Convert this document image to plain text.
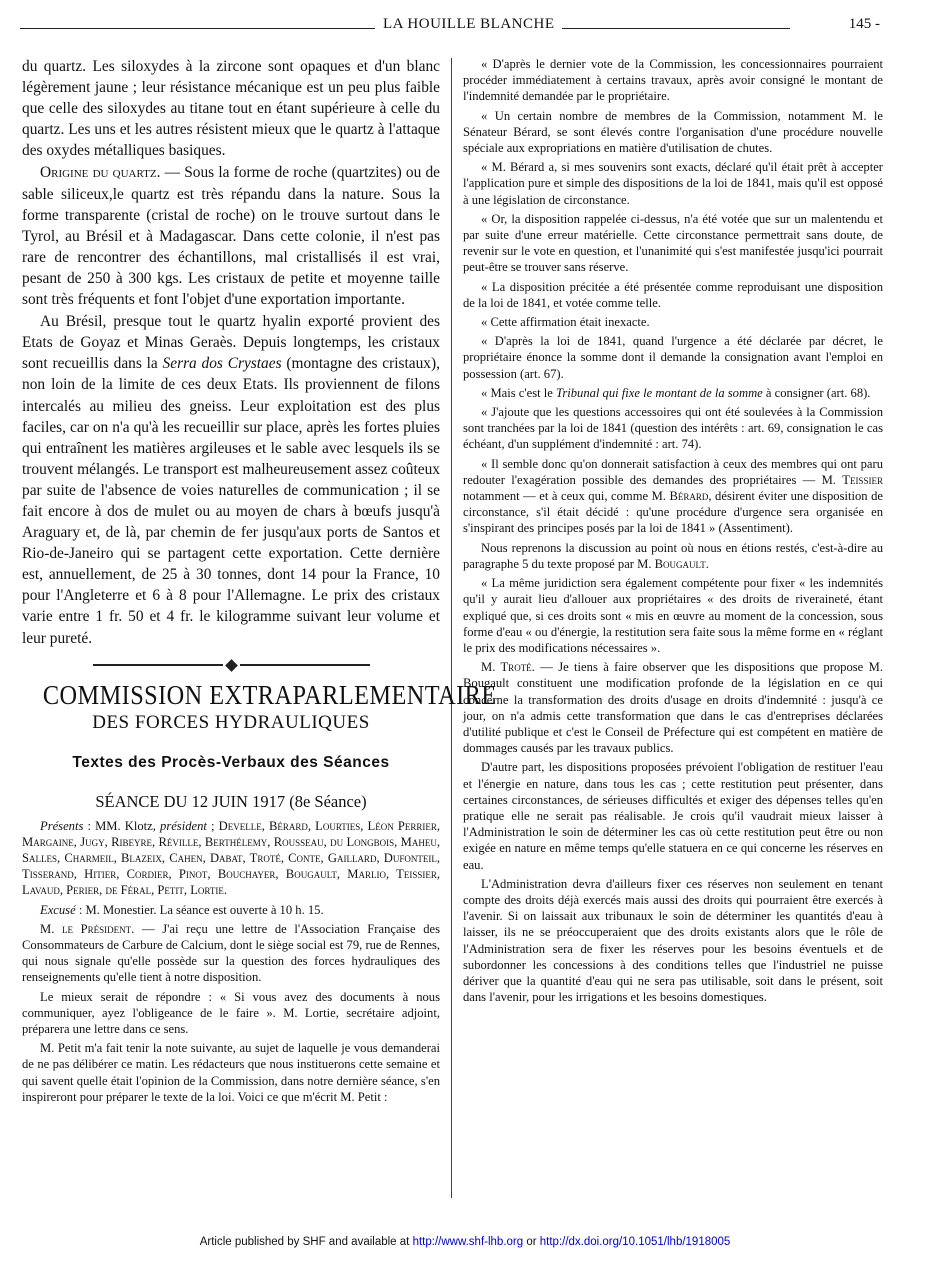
LA HOUILLE BLANCHE	145 -

du quartz. Les siloxydes à la zircone sont opaques et d'un blanc légèrement jaune ; leur résistance mécanique est un peu plus faible que celle des siloxydes au titane tout en étant supérieure à celle du quartz. Les uns et les autres résistent mieux que le quartz à l'attaque des oxydes métalliques basiques.

Origine du quartz. — Sous la forme de roche (quartzites) ou de sable siliceux,le quartz est très répandu dans la nature. Sous la forme transparente (cristal de roche) on le trouve surtout dans le Tyrol, au Brésil et à Madagascar. Dans cette colonie, il n'est pas rare de rencontrer des échantillons, mal cristallisés il est vrai, pesant de 250 à 300 kgs. Les cristaux de petite et moyenne taille sont très fréquents et font l'objet d'une exportation importante.

Au Brésil, presque tout le quartz hyalin exporté provient des Etats de Goyaz et Minas Geraès. Depuis longtemps, les cristaux sont recueillis dans la Serra dos Crystaes (montagne des cristaux), non loin de la limite de ces deux Etats. Ils proviennent de filons intercalés au milieu des gneiss. Leur exploitation est des plus faciles, car on n'a qu'à les recueillir sur place, après les fortes pluies qui entraînent les matières argileuses et le sable avec lesquels ils se trouvent mélangés. Le transport est malheureusement assez coûteux par suite de l'absence de voies naturelles de communication ; il se fait encore à dos de mulet ou au moyen de chars à bœufs jusqu'à Araguary et, de là, par chemin de fer jusqu'aux ports de Santos et Rio-de-Janeiro qui se partagent cette exportation. Cette dernière est, annuellement, de 25 à 30 tonnes, dont 14 pour la France, 10 pour l'Angleterre et 6 à 8 pour l'Allemagne. Le prix des cristaux varie entre 1 fr. 50 et 4 fr. le kilogramme suivant leur volume et leur pureté.

COMMISSION EXTRAPARLEMENTAIRE
DES FORCES HYDRAULIQUES
Textes des Procès-Verbaux des Séances
SÉANCE DU 12 JUIN 1917 (8e Séance)

Présents : MM. Klotz, président ; Develle, Bérard, Lourties, Léon Perrier, Margaine, Jugy, Ribeyre, Réville, Berthélemy, Rousseau, du Longbois, Maheu, Salles, Charmeil, Blazeix, Cahen, Dabat, Troté, Conte, Gaillard, Dufonteil, Tisserand, Hitier, Cordier, Pinot, Bouchayer, Bougault, Marlio, Teissier, Lavaud, Perier, de Féral, Petit, Lortie.

Excusé : M. Monestier. La séance est ouverte à 10 h. 15.

M. le Président. — J'ai reçu une lettre de l'Association Française des Consommateurs de Carbure de Calcium, dont le siège social est 79, rue de Rennes, qui nous signale qu'elle possède sur la question des forces hydrauliques des renseignements qu'elle tient à notre disposition.

Le mieux serait de répondre : « Si vous avez des documents à nous communiquer, ayez l'obligeance de le faire ». M. Lortie, secrétaire adjoint, préparera une lettre dans ce sens.

M. Petit m'a fait tenir la note suivante, au sujet de laquelle je vous demanderai de ne pas délibérer ce matin. Les rédacteurs que nous instituerons cette semaine et qui savent quelle était l'opinion de la Commission, dans notre dernière séance, s'en inspireront pour préparer le texte de la loi. Voici ce que m'écrit M. Petit :

« D'après le dernier vote de la Commission, les concessionnaires pourraient procéder immédiatement à certains travaux, après avoir consigné le montant de l'indemnité demandée par le propriétaire.

« Un certain nombre de membres de la Commission, notamment M. le Sénateur Bérard, se sont élevés contre l'organisation d'une procédure nouvelle spéciale aux expropriations en matière d'utilisation de chutes.

« M. Bérard a, si mes souvenirs sont exacts, déclaré qu'il était prêt à accepter l'application pure et simple des dispositions de la loi de 1841, mais qu'il est opposé à une législation de circonstance.

« Or, la disposition rappelée ci-dessus, n'a été votée que sur un malentendu et par suite d'une erreur matérielle. Cette circonstance permettrait sans doute, de revenir sur le vote en question, et l'unanimité qui s'est manifestée jusqu'ici pourrait peut-être se trouver sans réserve.

« La disposition précitée a été présentée comme reproduisant une disposition de la loi de 1841, et votée comme telle.

« Cette affirmation était inexacte.

« D'après la loi de 1841, quand l'urgence a été déclarée par décret, le propriétaire énonce la somme dont il demande la consignation avant l'emploi en possession (art. 67).

« Mais c'est le Tribunal qui fixe le montant de la somme à consigner (art. 68).

« J'ajoute que les questions accessoires qui ont été soulevées à la Commission sont tranchées par la loi de 1841 (question des intérêts : art. 69, consignation le cas échéant, d'un supplément d'indemnité : art. 74).

« Il semble donc qu'on donnerait satisfaction à ceux des membres qui ont paru redouter l'exagération possible des demandes des propriétaires — M. Teissier notamment — et à ceux qui, comme M. Bérard, désirent éviter une disposition de circonstance, s'il était décidé : qu'une procédure d'urgence sera organisée en s'inspirant des principes posés par la loi de 1841 » (Assentiment).

Nous reprenons la discussion au point où nous en étions restés, c'est-à-dire au paragraphe 5 du texte proposé par M. Bougault.

« La même juridiction sera également compétente pour fixer « les indemnités qu'il y aurait lieu d'allouer aux propriétaires « des droits de riveraineté, étant expliqué que, si ces droits sont « mis en œuvre au moment de la concession, sous forme d'eau « ou d'énergie, la restitution sera faite sous la même forme en « réglant le prix des modifications nécessaires ».

M. Troté. — Je tiens à faire observer que les dispositions que propose M. Bougault constituent une modification profonde de la législation en ce qui concerne la transformation des droits d'usage en droits d'indemnité : jusqu'à ce jour, on n'a admis cette transformation que dans le cas d'entreprises déclarées d'utilité publique et c'est le Conseil de Préfecture qui est compétent en matière de dommages causés par les travaux publics.

D'autre part, les dispositions proposées prévoient l'obligation de restituer l'eau et l'énergie en nature, dans tous les cas ; cette restitution peut présenter, dans certaines circonstances, de sérieuses difficultés et exiger des dépenses telles qu'en pratique elle ne serait pas réalisable. Je crois qu'il vaudrait mieux laisser à l'Administration le soin de déterminer les cas où cette restitution peut être ou non exigée en nature en même temps qu'elle statuera en ce qui concerne les réserves en eau.

L'Administration devra d'ailleurs fixer ces réserves non seulement en tenant compte des droits déjà exercés mais aussi des droits qui pourraient être exercés à l'avenir. Si on laissait aux tribunaux le soin de déterminer les quantités d'eau à laisser, ils ne se préoccuperaient que des droits existants alors que le rôle de l'Administration sera de fixer les réserves pour les besoins éventuels et de subordonner les concessions à des conditions telles que l'industriel ne puisse dériver que la quantité d'eau qui ne sera pas utilisable, soit dans le présent, soit dans l'avenir, pour les irrigations et les besoins domestiques.

Article published by SHF and available at http://www.shf-lhb.org or http://dx.doi.org/10.1051/lhb/1918005
